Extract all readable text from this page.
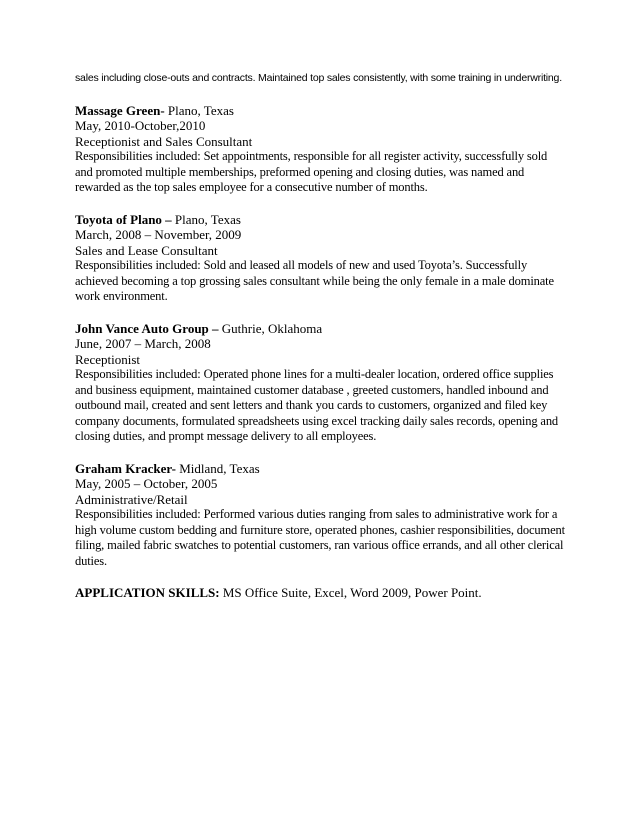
sales including close-outs and contracts. Maintained top sales consistently, with some training in underwriting.
Massage Green- Plano, Texas
May, 2010-October,2010
Receptionist and Sales Consultant
Responsibilities included: Set appointments, responsible for all register activity, successfully sold and promoted multiple memberships, preformed opening and closing duties, was named and rewarded as the top sales employee for a consecutive number of months.
Toyota of Plano – Plano, Texas
March, 2008 – November, 2009
Sales and Lease Consultant
Responsibilities included: Sold and leased all models of new and used Toyota’s. Successfully achieved becoming a top grossing sales consultant while being the only female in a male dominate work environment.
John Vance Auto Group – Guthrie, Oklahoma
June, 2007 – March, 2008
Receptionist
Responsibilities included: Operated phone lines for a multi-dealer location, ordered office supplies and business equipment, maintained customer database , greeted customers, handled inbound and outbound mail, created and sent letters and thank you cards to customers, organized and filed key company documents, formulated spreadsheets using excel tracking daily sales records, opening and closing duties, and prompt message delivery to all employees.
Graham Kracker- Midland, Texas
May, 2005 – October, 2005
Administrative/Retail
Responsibilities included: Performed various duties ranging from sales to administrative work for a high volume custom bedding and furniture store, operated phones, cashier responsibilities, document filing, mailed fabric swatches to potential customers, ran various office errands, and all other clerical duties.
APPLICATION SKILLS: MS Office Suite, Excel, Word 2009, Power Point.
